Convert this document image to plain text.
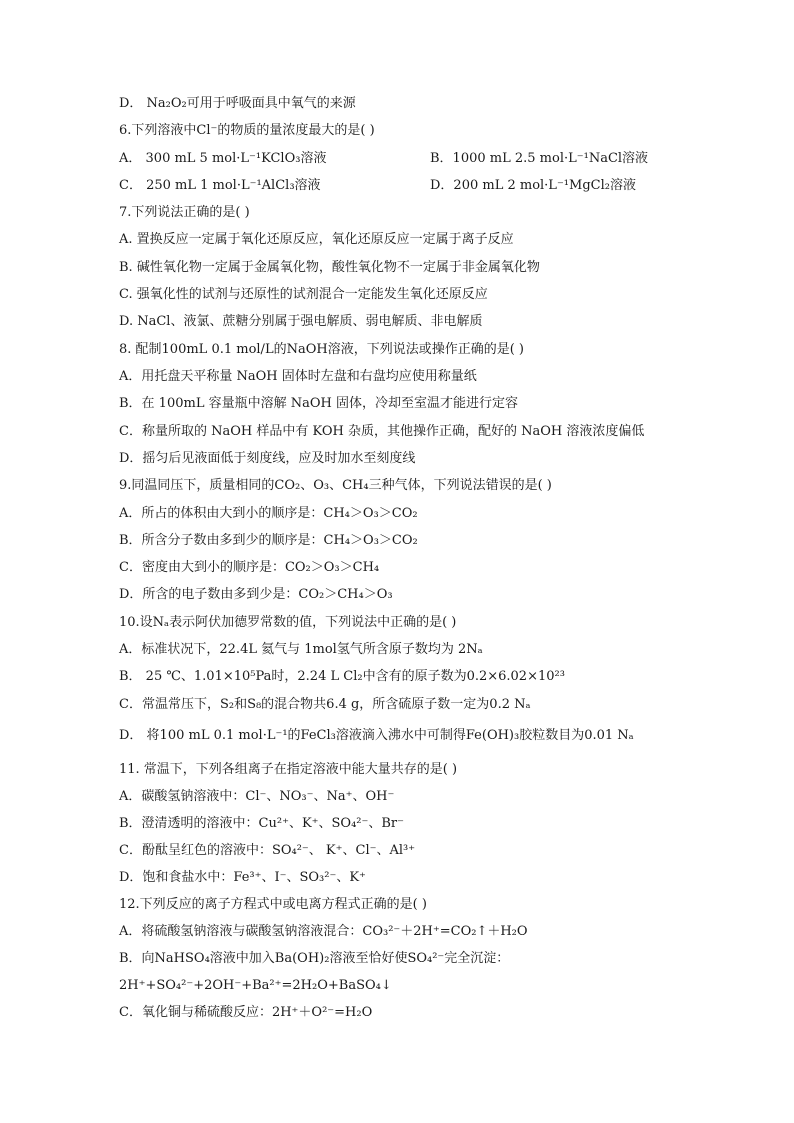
D． Na₂O₂可用于呼吸面具中氧气的来源
6.下列溶液中Cl⁻的物质的量浓度最大的是( )
A． 300 mL 5 mol·L⁻¹KClO₃溶液	B．1000 mL 2.5 mol·L⁻¹NaCl溶液
C． 250 mL 1 mol·L⁻¹AlCl₃溶液	D．200 mL 2 mol·L⁻¹MgCl₂溶液
7.下列说法正确的是( )
A. 置换反应一定属于氧化还原反应，氧化还原反应一定属于离子反应
B. 碱性氧化物一定属于金属氧化物，酸性氧化物不一定属于非金属氧化物
C. 强氧化性的试剂与还原性的试剂混合一定能发生氧化还原反应
D. NaCl、液氯、蔗糖分别属于强电解质、弱电解质、非电解质
8. 配制100mL 0.1 mol/L的NaOH溶液，下列说法或操作正确的是( )
A．用托盘天平称量 NaOH 固体时左盘和右盘均应使用称量纸
B．在 100mL 容量瓶中溶解 NaOH 固体，冷却至室温才能进行定容
C．称量所取的 NaOH 样品中有 KOH 杂质，其他操作正确，配好的 NaOH 溶液浓度偏低
D．摇匀后见液面低于刻度线，应及时加水至刻度线
9.同温同压下，质量相同的CO₂、O₃、CH₄三种气体，下列说法错误的是( )
A．所占的体积由大到小的顺序是：CH₄＞O₃＞CO₂
B．所含分子数由多到少的顺序是：CH₄＞O₃＞CO₂
C．密度由大到小的顺序是：CO₂＞O₃＞CH₄
D．所含的电子数由多到少是：CO₂＞CH₄＞O₃
10.设Nₐ表示阿伏加德罗常数的值，下列说法中正确的是( )
A．标准状况下，22.4L 氦气与 1mol氢气所含原子数均为 2Nₐ
B． 25 ℃、1.01×10⁵Pa时，2.24 L Cl₂中含有的原子数为0.2×6.02×10²³
C．常温常压下，S₂和S₈的混合物共6.4 g，所含硫原子数一定为0.2 Nₐ
D． 将100 mL 0.1 mol·L⁻¹的FeCl₃溶液滴入沸水中可制得Fe(OH)₃胶粒数目为0.01 Nₐ
11. 常温下，下列各组离子在指定溶液中能大量共存的是( )
A．碳酸氢钠溶液中：Cl⁻、NO₃⁻、Na⁺、OH⁻
B．澄清透明的溶液中：Cu²⁺、K⁺、SO₄²⁻、Br⁻
C．酚酞呈红色的溶液中：SO₄²⁻、 K⁺、Cl⁻、Al³⁺
D．饱和食盐水中：Fe³⁺、I⁻、SO₃²⁻、K⁺
12.下列反应的离子方程式中或电离方程式正确的是( )
A．将硫酸氢钠溶液与碳酸氢钠溶液混合：CO₃²⁻＋2H⁺=CO₂↑＋H₂O
B．向NaHSO₄溶液中加入Ba(OH)₂溶液至恰好使SO₄²⁻完全沉淀：
2H⁺+SO₄²⁻+2OH⁻+Ba²⁺=2H₂O+BaSO₄↓
C．氧化铜与稀硫酸反应：2H⁺＋O²⁻=H₂O
